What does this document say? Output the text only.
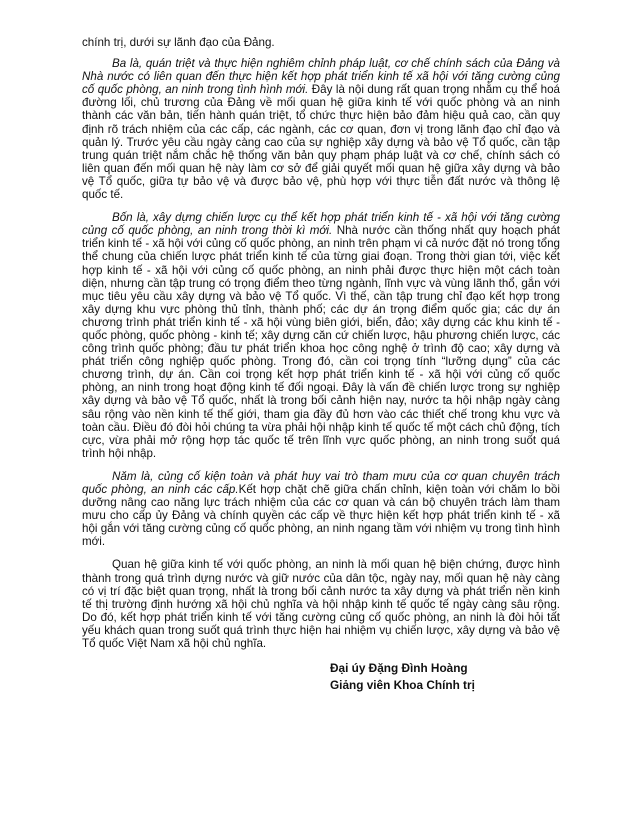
chính trị, dưới sự lãnh đạo của Đảng.

Ba là, quán triệt và thực hiện nghiêm chỉnh pháp luật, cơ chế chính sách của Đảng và Nhà nước có liên quan đến thực hiện kết hợp phát triển kinh tế xã hội với tăng cường củng cố quốc phòng, an ninh trong tình hình mới. Đây là nội dung rất quan trọng nhằm cụ thể hoá đường lối, chủ trương của Đảng về mối quan hệ giữa kinh tế với quốc phòng và an ninh thành các văn bản, tiến hành quán triệt, tổ chức thực hiện bảo đảm hiệu quả cao, cần quy định rõ trách nhiệm của các cấp, các ngành, các cơ quan, đơn vị trong lãnh đạo chỉ đạo và quản lý. Trước yêu cầu ngày càng cao của sự nghiệp xây dựng và bảo vệ Tổ quốc, cần tập trung quán triệt nắm chắc hệ thống văn bản quy phạm pháp luật và cơ chế, chính sách có liên quan đến mối quan hệ này làm cơ sở để giải quyết mối quan hệ giữa xây dựng và bảo vệ Tổ quốc, giữa tự bảo vệ và được bảo vệ, phù hợp với thực tiễn đất nước và thông lệ quốc tế.

Bốn là, xây dựng chiến lược cụ thể kết hợp phát triển kinh tế - xã hội với tăng cường củng cố quốc phòng, an ninh trong thời kì mới. Nhà nước cần thống nhất quy hoạch phát triển kinh tế - xã hội với củng cố quốc phòng, an ninh trên phạm vi cả nước đặt nó trong tổng thể chung của chiến lược phát triển kinh tế của từng giai đoạn. Trong thời gian tới, việc kết hợp kinh tế - xã hội với củng cố quốc phòng, an ninh phải được thực hiện một cách toàn diện, nhưng cần tập trung có trọng điểm theo từng ngành, lĩnh vực và vùng lãnh thổ, gắn với mục tiêu yêu cầu xây dựng và bảo vệ Tổ quốc. Vì thế, cần tập trung chỉ đạo kết hợp trong xây dựng khu vực phòng thủ tỉnh, thành phố; các dự án trọng điểm quốc gia; các dự án chương trình phát triển kinh tế - xã hội vùng biên giới, biển, đảo; xây dựng các khu kinh tế - quốc phòng, quốc phòng - kinh tế; xây dựng căn cứ chiến lược, hậu phương chiến lược, các công trình quốc phòng; đầu tư phát triển khoa học công nghệ ở trình độ cao; xây dựng và phát triển công nghiệp quốc phòng. Trong đó, cần coi trọng tính “lưỡng dụng” của các chương trình, dự án. Cần coi trọng kết hợp phát triển kinh tế - xã hội với củng cố quốc phòng, an ninh trong hoạt động kinh tế đối ngoại. Đây là vấn đề chiến lược trong sự nghiệp xây dựng và bảo vệ Tổ quốc, nhất là trong bối cảnh hiện nay, nước ta hội nhập ngày càng sâu rộng vào nền kinh tế thế giới, tham gia đầy đủ hơn vào các thiết chế trong khu vực và toàn cầu. Điều đó đòi hỏi chúng ta vừa phải hội nhập kinh tế quốc tế một cách chủ động, tích cực, vừa phải mở rộng hợp tác quốc tế trên lĩnh vực quốc phòng, an ninh trong suốt quá trình hội nhập.

Năm là, củng cố kiện toàn và phát huy vai trò tham mưu của cơ quan chuyên trách quốc phòng, an ninh các cấp.Kết hợp chặt chẽ giữa chấn chỉnh, kiện toàn với chăm lo bồi dưỡng nâng cao năng lực trách nhiệm của các cơ quan và cán bộ chuyên trách làm tham mưu cho cấp ủy Đảng và chính quyền các cấp về thực hiện kết hợp phát triển kinh tế - xã hội gắn với tăng cường củng cố quốc phòng, an ninh ngang tầm với nhiệm vụ trong tình hình mới.

Quan hệ giữa kinh tế với quốc phòng, an ninh là mối quan hệ biện chứng, được hình thành trong quá trình dựng nước và giữ nước của dân tộc, ngày nay, mối quan hệ này càng có vị trí đặc biệt quan trọng, nhất là trong bối cảnh nước ta xây dựng và phát triển nền kinh tế thị trường định hướng xã hội chủ nghĩa và hội nhập kinh tế quốc tế ngày càng sâu rộng. Do đó, kết hợp phát triển kinh tế với tăng cường củng cố quốc phòng, an ninh là đòi hỏi tất yếu khách quan trong suốt quá trình thực hiện hai nhiệm vụ chiến lược, xây dựng và bảo vệ Tổ quốc Việt Nam xã hội chủ nghĩa.

Đại úy Đặng Đình Hoàng
Giảng viên Khoa Chính trị
